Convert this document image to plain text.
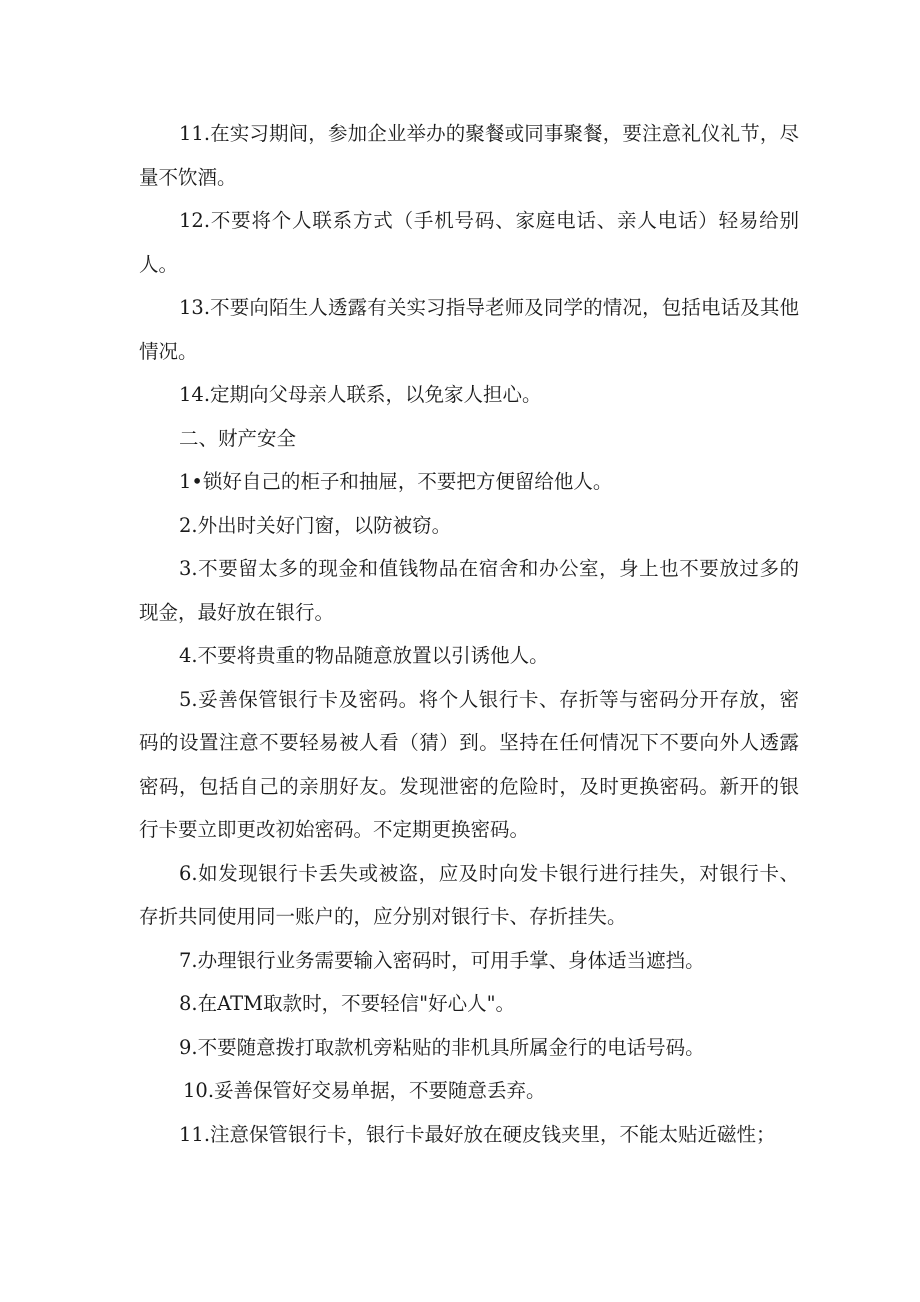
11.在实习期间，参加企业举办的聚餐或同事聚餐，要注意礼仪礼节，尽量不饮酒。

12.不要将个人联系方式（手机号码、家庭电话、亲人电话）轻易给别人。

13.不要向陌生人透露有关实习指导老师及同学的情况，包括电话及其他情况。

14.定期向父母亲人联系，以免家人担心。

二、财产安全

1•锁好自己的柜子和抽屉，不要把方便留给他人。

2.外出时关好门窗，以防被窃。

3.不要留太多的现金和值钱物品在宿舍和办公室，身上也不要放过多的现金，最好放在银行。

4.不要将贵重的物品随意放置以引诱他人。

5.妥善保管银行卡及密码。将个人银行卡、存折等与密码分开存放，密码的设置注意不要轻易被人看（猜）到。坚持在任何情况下不要向外人透露密码，包括自己的亲朋好友。发现泄密的危险时，及时更换密码。新开的银行卡要立即更改初始密码。不定期更换密码。

6.如发现银行卡丢失或被盗，应及时向发卡银行进行挂失，对银行卡、存折共同使用同一账户的，应分别对银行卡、存折挂失。

7.办理银行业务需要输入密码时，可用手掌、身体适当遮挡。

8.在ATM取款时，不要轻信"好心人"。

9.不要随意拨打取款机旁粘贴的非机具所属金行的电话号码。

10.妥善保管好交易单据，不要随意丢弃。

11.注意保管银行卡，银行卡最好放在硬皮钱夹里，不能太贴近磁性；
